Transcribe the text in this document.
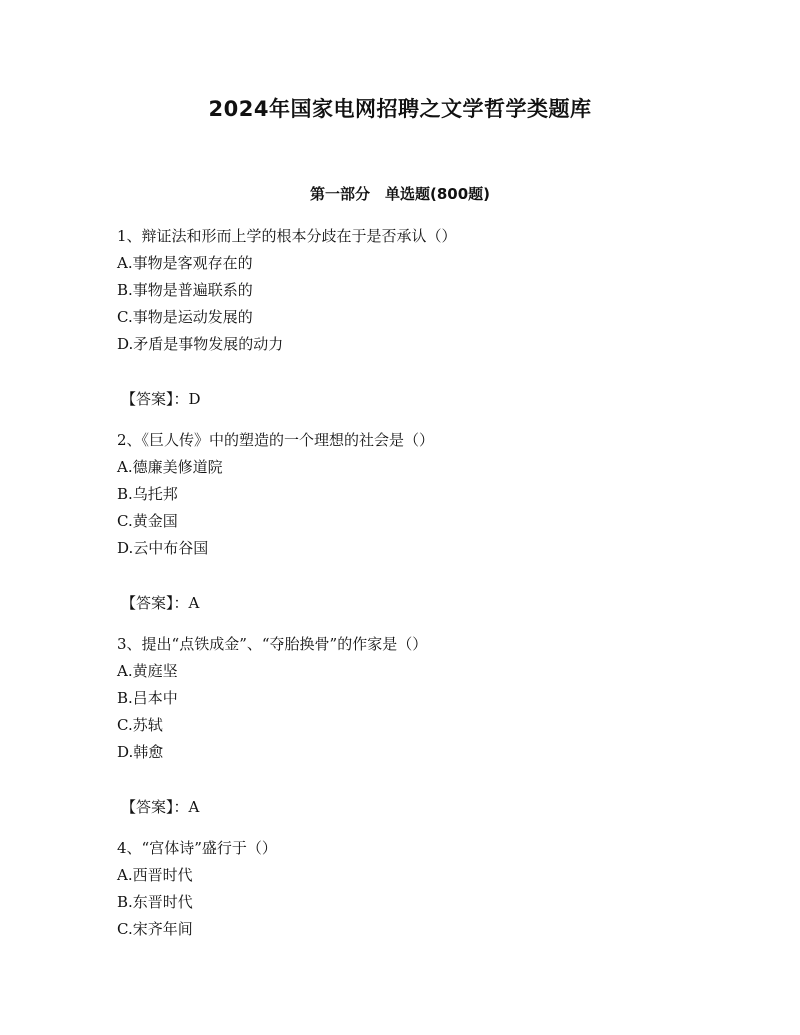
2024年国家电网招聘之文学哲学类题库
第一部分　单选题(800题)
1、辩证法和形而上学的根本分歧在于是否承认（）
A.事物是客观存在的
B.事物是普遍联系的
C.事物是运动发展的
D.矛盾是事物发展的动力
【答案】：D
2、《巨人传》中的塑造的一个理想的社会是（）
A.德廉美修道院
B.乌托邦
C.黄金国
D.云中布谷国
【答案】：A
3、提出“点铁成金”、“夺胎换骨”的作家是（）
A.黄庭坚
B.吕本中
C.苏轼
D.韩愈
【答案】：A
4、“宫体诗”盛行于（）
A.西晋时代
B.东晋时代
C.宋齐年间
